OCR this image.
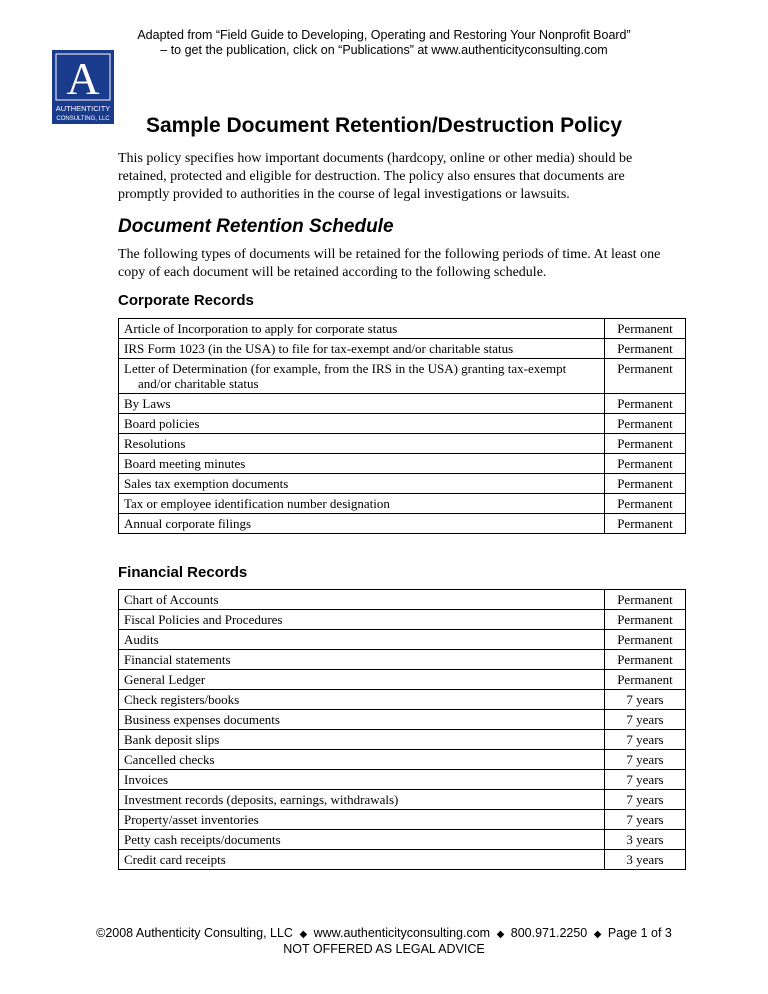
Adapted from “Field Guide to Developing, Operating and Restoring Your Nonprofit Board”
– to get the publication, click on “Publications” at www.authenticityconsulting.com
A
AUTHENTICITY
CONSULTING, LLC	Sample Document Retention/Destruction Policy

This policy specifies how important documents (hardcopy, online or other media) should be retained, protected and eligible for destruction. The policy also ensures that documents are promptly provided to authorities in the course of legal investigations or lawsuits.

Document Retention Schedule

The following types of documents will be retained for the following periods of time. At least one copy of each document will be retained according to the following schedule.

Corporate Records
Article of Incorporation to apply for corporate status	Permanent
IRS Form 1023 (in the USA) to file for tax-exempt and/or charitable status	Permanent

Letter of Determination (for example, from the IRS in the USA) granting tax-exempt and/or charitable status	Permanent
By Laws	Permanent
Board policies	Permanent
Resolutions	Permanent
Board meeting minutes	Permanent
Sales tax exemption documents	Permanent
Tax or employee identification number designation	Permanent
Annual corporate filings	Permanent
Financial Records
Chart of Accounts	Permanent
Fiscal Policies and Procedures	Permanent
Audits	Permanent
Financial statements	Permanent
General Ledger	Permanent
Check registers/books	7 years
Business expenses documents	7 years
Bank deposit slips	7 years
Cancelled checks	7 years
Invoices	7 years
Investment records (deposits, earnings, withdrawals)	7 years
Property/asset inventories	7 years
Petty cash receipts/documents	3 years
Credit card receipts	3 years
©2008 Authenticity Consulting, LLC ◆ www.authenticityconsulting.com ◆ 800.971.2250 ◆ Page 1 of 3
NOT OFFERED AS LEGAL ADVICE
